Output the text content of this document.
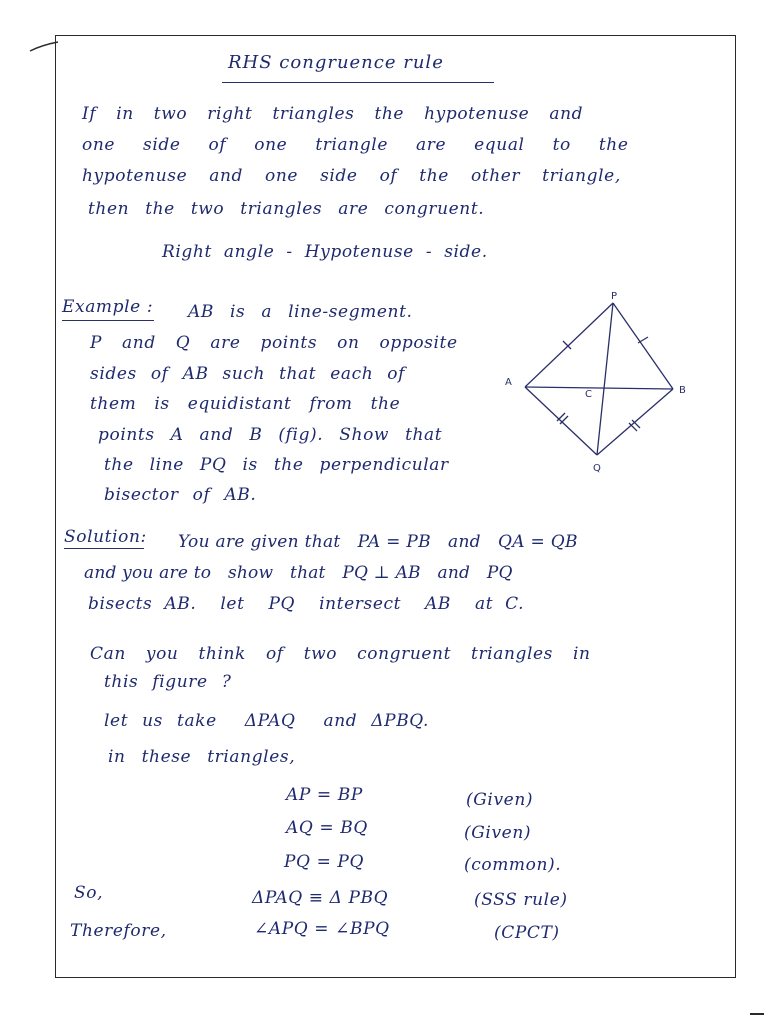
RHS congruence rule
If in two right triangles the hypotenuse and
one side of one triangle are equal to the
hypotenuse and one side of the other triangle,
then the two triangles are congruent.
Right angle - Hypotenuse - side.
Example : AB is a line-segment.
P and Q are points on opposite
sides of AB such that each of
them is equidistant from the
points A and B (fig). Show that
the line PQ is the perpendicular
bisector of AB.
P
A
B
C
Q
Solution: You are given that   PA = PB   and   QA = QB
and you are to   show   that   PQ ⊥ AB   and   PQ
bisects AB.  let  PQ  intersect  AB  at C.
Can you think of two congruent triangles in
this figure ?
let us take  ΔPAQ  and ΔPBQ.
in these triangles,
AP = BP	(Given)
AQ = BQ	(Given)
PQ = PQ	(common).
So,	ΔPAQ ≡ Δ PBQ	(SSS rule)
Therefore,	∠APQ = ∠BPQ	(CPCT)
